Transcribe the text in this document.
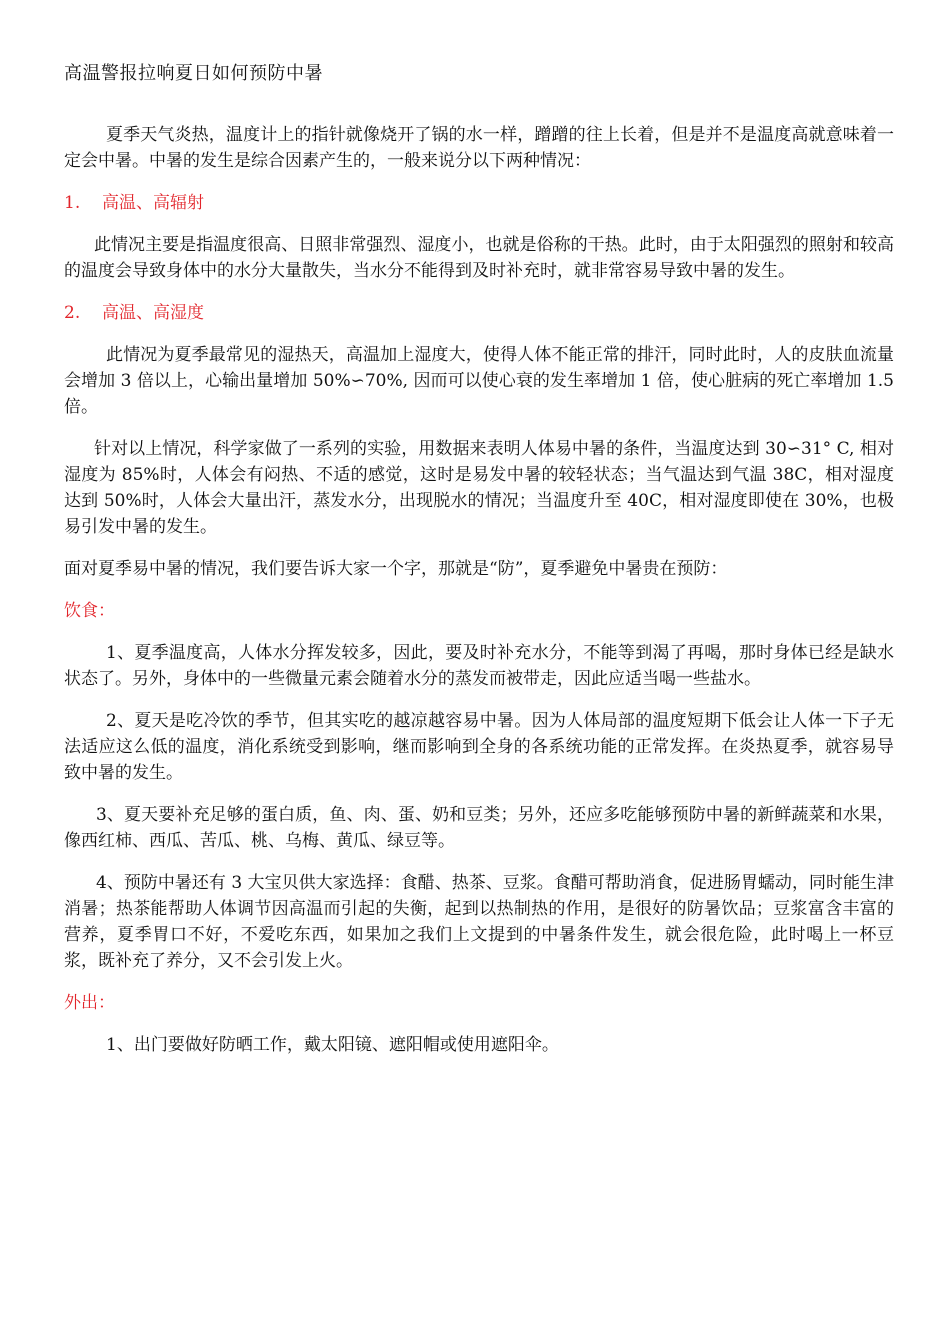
高温警报拉响夏日如何预防中暑

夏季天气炎热，温度计上的指针就像烧开了锅的水一样，蹭蹭的往上长着，但是并不是温度高就意味着一定会中暑。中暑的发生是综合因素产生的，一般来说分以下两种情况：

1. 高温、高辐射

此情况主要是指温度很高、日照非常强烈、湿度小，也就是俗称的干热。此时，由于太阳强烈的照射和较高的温度会导致身体中的水分大量散失，当水分不能得到及时补充时，就非常容易导致中暑的发生。

2. 高温、高湿度

此情况为夏季最常见的湿热天，高温加上湿度大，使得人体不能正常的排汗，同时此时，人的皮肤血流量会增加 3 倍以上，心输出量增加 50%∽70%, 因而可以使心衰的发生率增加 1 倍，使心脏病的死亡率增加 1.5 倍。

针对以上情况，科学家做了一系列的实验，用数据来表明人体易中暑的条件，当温度达到 30∽31° C, 相对湿度为 85%时，人体会有闷热、不适的感觉，这时是易发中暑的较轻状态；当气温达到气温 38C，相对湿度达到 50%时，人体会大量出汗，蒸发水分，出现脱水的情况；当温度升至 40C，相对湿度即使在 30%，也极易引发中暑的发生。

面对夏季易中暑的情况，我们要告诉大家一个字，那就是“防”，夏季避免中暑贵在预防：

饮食：

1、夏季温度高，人体水分挥发较多，因此，要及时补充水分，不能等到渴了再喝，那时身体已经是缺水状态了。另外，身体中的一些微量元素会随着水分的蒸发而被带走，因此应适当喝一些盐水。

2、夏天是吃冷饮的季节，但其实吃的越凉越容易中暑。因为人体局部的温度短期下低会让人体一下子无法适应这么低的温度，消化系统受到影响，继而影响到全身的各系统功能的正常发挥。在炎热夏季，就容易导致中暑的发生。

3、夏天要补充足够的蛋白质，鱼、肉、蛋、奶和豆类；另外，还应多吃能够预防中暑的新鲜蔬菜和水果，像西红柿、西瓜、苦瓜、桃、乌梅、黄瓜、绿豆等。

4、预防中暑还有 3 大宝贝供大家选择：食醋、热茶、豆浆。食醋可帮助消食，促进肠胃蠕动，同时能生津消暑；热茶能帮助人体调节因高温而引起的失衡，起到以热制热的作用，是很好的防暑饮品；豆浆富含丰富的营养，夏季胃口不好，不爱吃东西，如果加之我们上文提到的中暑条件发生，就会很危险，此时喝上一杯豆浆，既补充了养分，又不会引发上火。

外出：

1、出门要做好防晒工作，戴太阳镜、遮阳帽或使用遮阳伞。
